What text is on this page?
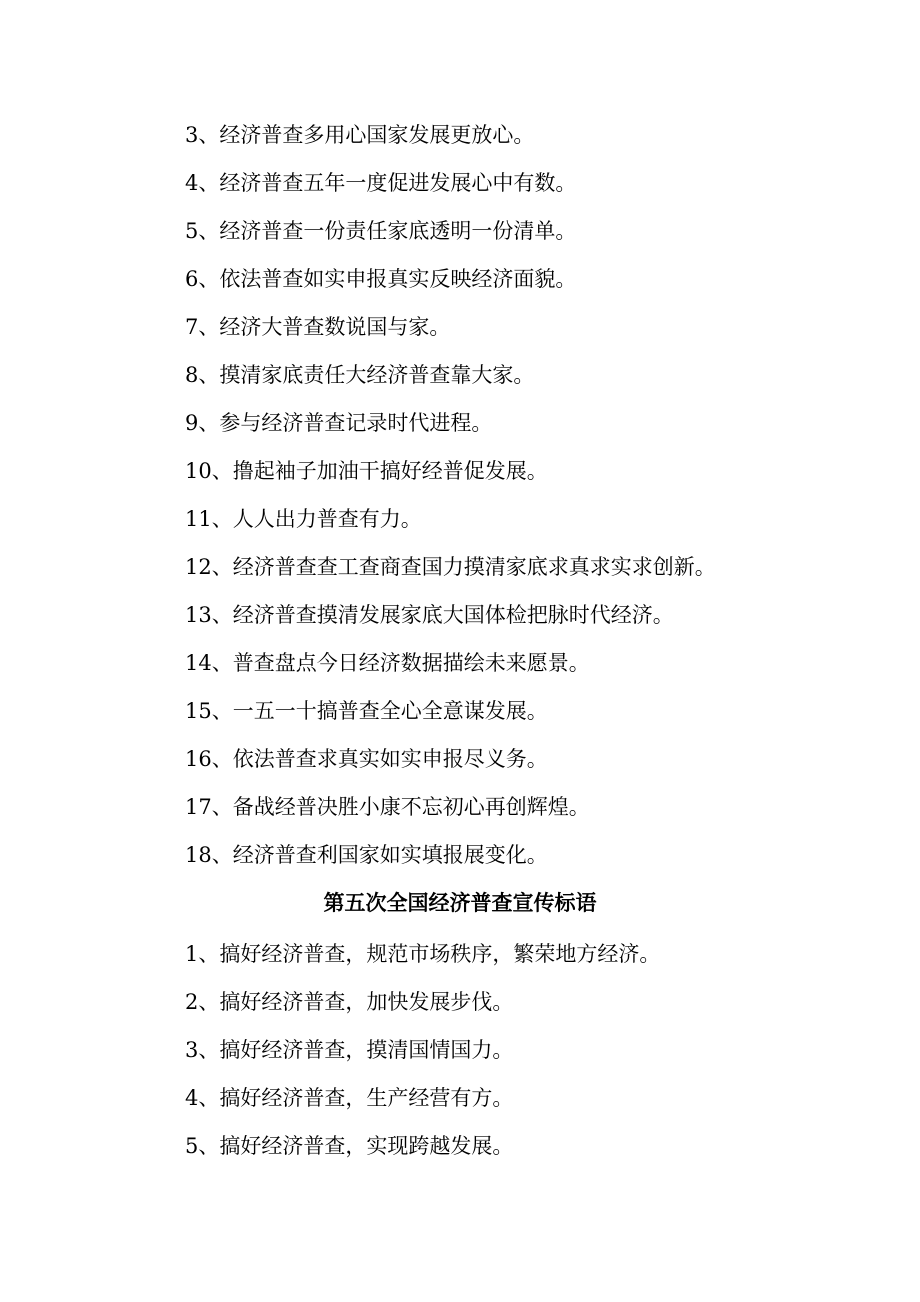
3、经济普查多用心国家发展更放心。
4、经济普查五年一度促进发展心中有数。
5、经济普查一份责任家底透明一份清单。
6、依法普查如实申报真实反映经济面貌。
7、经济大普查数说国与家。
8、摸清家底责任大经济普查靠大家。
9、参与经济普查记录时代进程。
10、撸起袖子加油干搞好经普促发展。
11、人人出力普查有力。
12、经济普查查工查商查国力摸清家底求真求实求创新。
13、经济普查摸清发展家底大国体检把脉时代经济。
14、普查盘点今日经济数据描绘未来愿景。
15、一五一十搞普查全心全意谋发展。
16、依法普查求真实如实申报尽义务。
17、备战经普决胜小康不忘初心再创辉煌。
18、经济普查利国家如实填报展变化。
第五次全国经济普查宣传标语
1、搞好经济普查，规范市场秩序，繁荣地方经济。
2、搞好经济普查，加快发展步伐。
3、搞好经济普查，摸清国情国力。
4、搞好经济普查，生产经营有方。
5、搞好经济普查，实现跨越发展。
